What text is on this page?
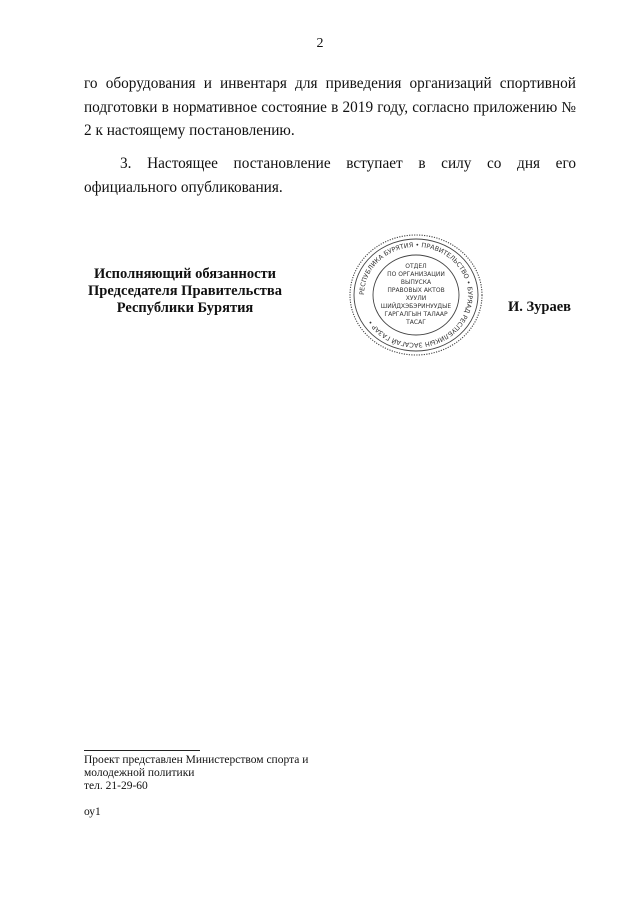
2

го оборудования и инвентаря для приведения организаций спортивной подготовки в нормативное состояние в 2019 году, согласно приложению № 2 к настоящему постановлению.

3. Настоящее постановление вступает в силу со дня его официального опубликования.

Исполняющий обязанности
Председателя Правительства
Республики Бурятия
РЕСПУБЛИКА БУРЯТИЯ • ПРАВИТЕЛЬСТВО • БУРЯАД РЕСПУБЛИКЫН ЗАСАГАЙ ГАЗАР •
ОТДЕЛ
ПО ОРГАНИЗАЦИИ
ВЫПУСКА
ПРАВОВЫХ АКТОВ
ХУУЛИ
ШИЙДХЭБЭРИНУУДЫЕ
ГАРГАЛГЫН ТАЛААР
ТАСАГ
И. Зураев
Проект представлен Министерством спорта и
молодежной политики
тел. 21-29-60
оу1
